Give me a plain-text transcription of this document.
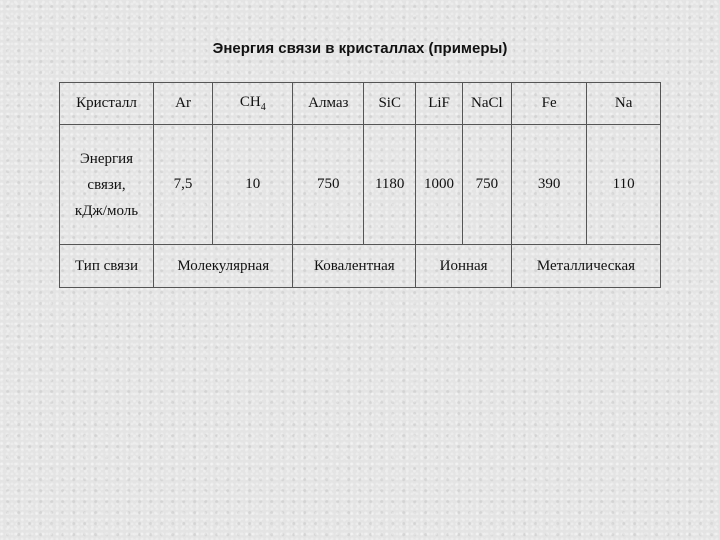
Энергия связи в кристаллах (примеры)
Кристалл	Ar	$CH_4$	Алмаз	SiC	LiF	NaCl	Fe	Na
Энергия
связи,
кДж/моль	7,5	10	750	1180	1000	750	390	110
Тип связи	Молекулярная		Ковалентная		Ионная		Металлическая	
